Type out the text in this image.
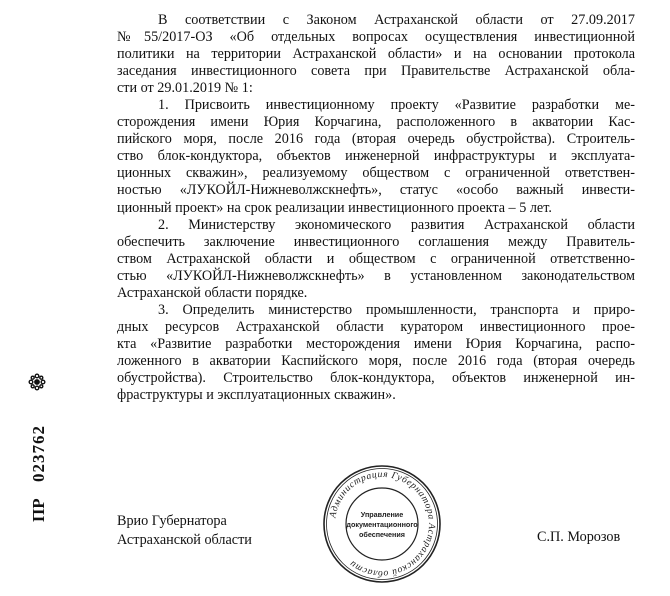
В соответствии с Законом Астраханской области от 27.09.2017
№55/2017-ОЗ «Об отдельных вопросах осуществления инвестиционной
политики на территории Астраханской области» и на основании протокола
заседания инвестиционного совета при Правительстве Астраханской обла-
сти от 29.01.2019 № 1:
1. Присвоить инвестиционному проекту «Развитие разработки ме-
сторождения имени Юрия Корчагина, расположенного в акватории Кас-
пийского моря, после 2016 года (вторая очередь обустройства). Строитель-
ство блок-кондуктора, объектов инженерной инфраструктуры и эксплуата-
ционных скважин», реализуемому обществом с ограниченной ответствен-
ностью «ЛУКОЙЛ-Нижневолжскнефть», статус «особо важный инвести-
ционный проект» на срок реализации инвестиционного проекта – 5 лет.
2. Министерству экономического развития Астраханской области
обеспечить заключение инвестиционного соглашения между Правитель-
ством Астраханской области и обществом с ограниченной ответственно-
стью «ЛУКОЙЛ-Нижневолжскнефть» в установленном законодательством
Астраханской области порядке.
3. Определить министерство промышленности, транспорта и приро-
дных ресурсов Астраханской области куратором инвестиционного прое-
кта «Развитие разработки месторождения имени Юрия Корчагина, распо-
ложенного в акватории Каспийского моря, после 2016 года (вторая очередь
обустройства). Строительство блок-кондуктора, объектов инженерной ин-
фраструктуры и эксплуатационных скважин».
ПР
023762
Врио Губернатора
Астраханской области
Администрация Губернатора Астраханской области
Управление
документационного
обеспечения	С.П. Морозов
